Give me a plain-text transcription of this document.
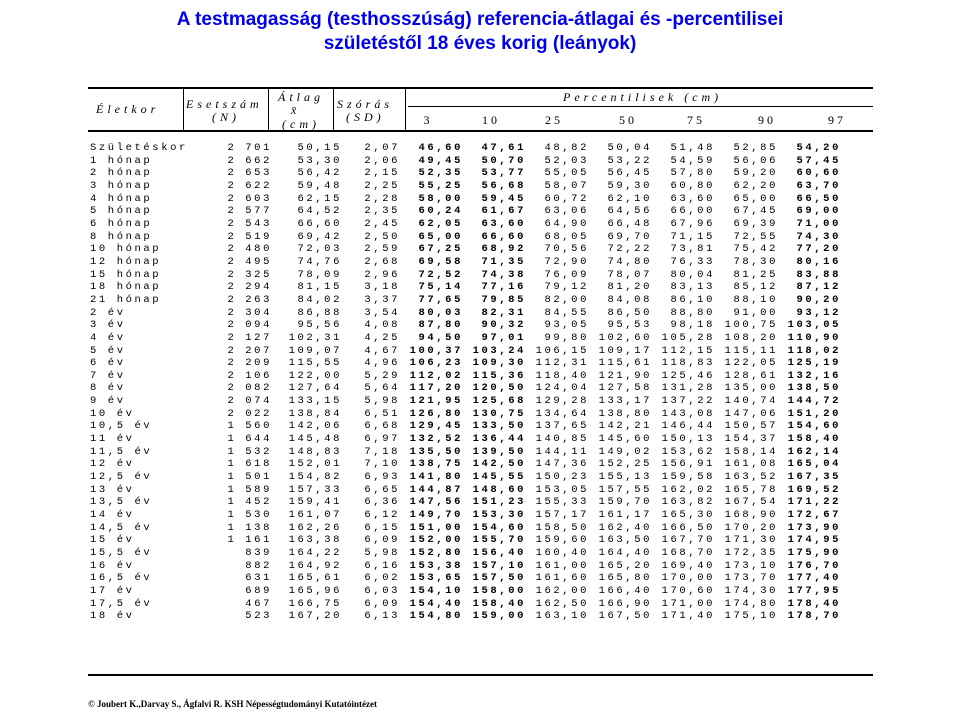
A testmagasság (testhosszúság) referencia-átlagai és -percentilisei
születéstől 18 éves korig (leányok)
Életkor Esetszám
(N)
Átlag
x̄
(cm)
Szórás
(SD)
Percentilisek (cm)
3	10	25	50	75	90	97
Születéskor	2 701	50,15	2,07	46,60	47,61	48,82	50,04	51,48	52,85	54,20
1 hónap	2 662	53,30	2,06	49,45	50,70	52,03	53,22	54,59	56,06	57,45
2 hónap	2 653	56,42	2,15	52,35	53,77	55,05	56,45	57,80	59,20	60,60
3 hónap	2 622	59,48	2,25	55,25	56,68	58,07	59,30	60,80	62,20	63,70
4 hónap	2 603	62,15	2,28	58,00	59,45	60,72	62,10	63,60	65,00	66,50
5 hónap	2 577	64,52	2,35	60,24	61,67	63,06	64,56	66,00	67,45	69,00
6 hónap	2 543	66,60	2,45	62,05	63,60	64,90	66,48	67,96	69,39	71,00
8 hónap	2 519	69,42	2,50	65,00	66,60	68,05	69,70	71,15	72,55	74,30
10 hónap	2 480	72,03	2,59	67,25	68,92	70,56	72,22	73,81	75,42	77,20
12 hónap	2 495	74,76	2,68	69,58	71,35	72,90	74,80	76,33	78,30	80,16
15 hónap	2 325	78,09	2,96	72,52	74,38	76,09	78,07	80,04	81,25	83,88
18 hónap	2 294	81,15	3,18	75,14	77,16	79,12	81,20	83,13	85,12	87,12
21 hónap	2 263	84,02	3,37	77,65	79,85	82,00	84,08	86,10	88,10	90,20
2 év	2 304	86,88	3,54	80,03	82,31	84,55	86,50	88,80	91,00	93,12
3 év	2 094	95,56	4,08	87,80	90,32	93,05	95,53	98,18	100,75	103,05
4 év	2 127	102,31	4,25	94,50	97,01	99,80	102,60	105,28	108,20	110,90
5 év	2 207	109,07	4,67	100,37	103,24	106,15	109,17	112,15	115,11	118,02
6 év	2 209	115,55	4,96	106,23	109,30	112,31	115,61	118,83	122,05	125,19
7 év	2 106	122,00	5,29	112,02	115,36	118,40	121,90	125,46	128,61	132,16
8 év	2 082	127,64	5,64	117,20	120,50	124,04	127,58	131,28	135,00	138,50
9 év	2 074	133,15	5,98	121,95	125,68	129,28	133,17	137,22	140,74	144,72
10 év	2 022	138,84	6,51	126,80	130,75	134,64	138,80	143,08	147,06	151,20
10,5 év	1 560	142,06	6,68	129,45	133,50	137,65	142,21	146,44	150,57	154,60
11 év	1 644	145,48	6,97	132,52	136,44	140,85	145,60	150,13	154,37	158,40
11,5 év	1 532	148,83	7,18	135,50	139,50	144,11	149,02	153,62	158,14	162,14
12 év	1 618	152,01	7,10	138,75	142,50	147,36	152,25	156,91	161,08	165,04
12,5 év	1 501	154,82	6,93	141,80	145,55	150,23	155,13	159,58	163,52	167,35
13 év	1 589	157,33	6,65	144,87	148,60	153,05	157,55	162,02	165,78	169,52
13,5 év	1 452	159,41	6,36	147,56	151,23	155,33	159,70	163,82	167,54	171,22
14 év	1 530	161,07	6,12	149,70	153,30	157,17	161,17	165,30	168,90	172,67
14,5 év	1 138	162,26	6,15	151,00	154,60	158,50	162,40	166,50	170,20	173,90
15 év	1 161	163,38	6,09	152,00	155,70	159,60	163,50	167,70	171,30	174,95
15,5 év	839	164,22	5,98	152,80	156,40	160,40	164,40	168,70	172,35	175,90
16 év	882	164,92	6,16	153,38	157,10	161,00	165,20	169,40	173,10	176,70
16,5 év	631	165,61	6,02	153,65	157,50	161,60	165,80	170,00	173,70	177,40
17 év	689	165,96	6,03	154,10	158,00	162,00	166,40	170,60	174,30	177,95
17,5 év	467	166,75	6,09	154,40	158,40	162,50	166,90	171,00	174,80	178,40
18 év	523	167,20	6,13	154,80	159,00	163,10	167,50	171,40	175,10	178,70
© Joubert K.,Darvay S., Ágfalvi R. KSH Népességtudományi Kutatóintézet
